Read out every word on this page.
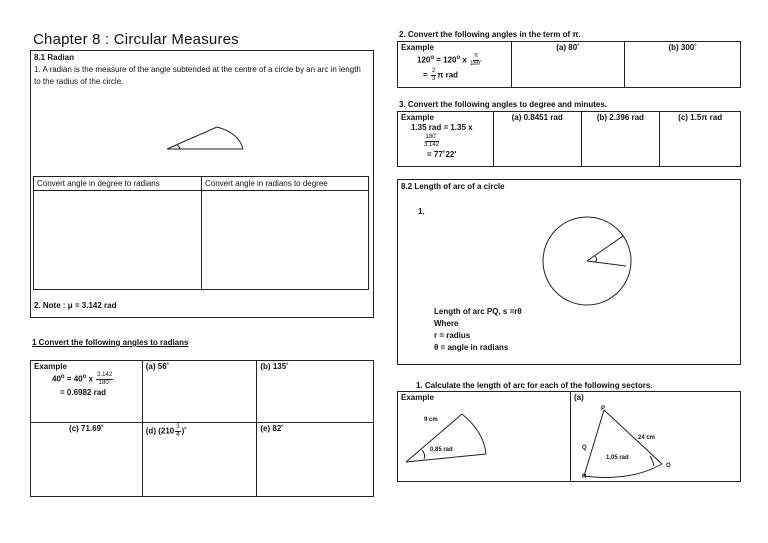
Chapter 8 : Circular Measures
8.1 Radian
1. A radian is the measure of the angle subtended at the centre of a circle by an arc in length to the radius of the circle.
Convert angle in degree to radians	Convert angle in radians to degree
2. Note : μ = 3.142 rad
1 Convert the following angles to radians
Example
$40^o = 40^o$ x $\frac{3.142}{180˚}$
= 0.6982 rad	(a) 56˚	(b) 135˚
(c) 71.69˚	(d) ($210 \frac{3}{4}$ )˚	(e) 82˚
2. Convert the following angles in the term of π.
Example
$120^o = 120^o$ x $\frac{\pi}{180˚}$
= $\frac{2}{3}$ π rad
	(a) 80˚	(b) 300˚
3. Convert the following angles to degree and minutes.
Example
1.35 rad = 1.35 x
$\frac{180˚}{3.142}$
= 77˚22'
	(a) 0.8451 rad	(b) 2.396 rad	(c) 1.5π rad
8.2 Length of arc of a circle
1.
Length of arc PQ, s =rθ
Where
r = radius
θ = angle in radians
1. Calculate the length of arc for each of the following sectors.
Example	(a)
9 cm
0.85 rad
P
Q
O
R
24 cm
1.05 rad
